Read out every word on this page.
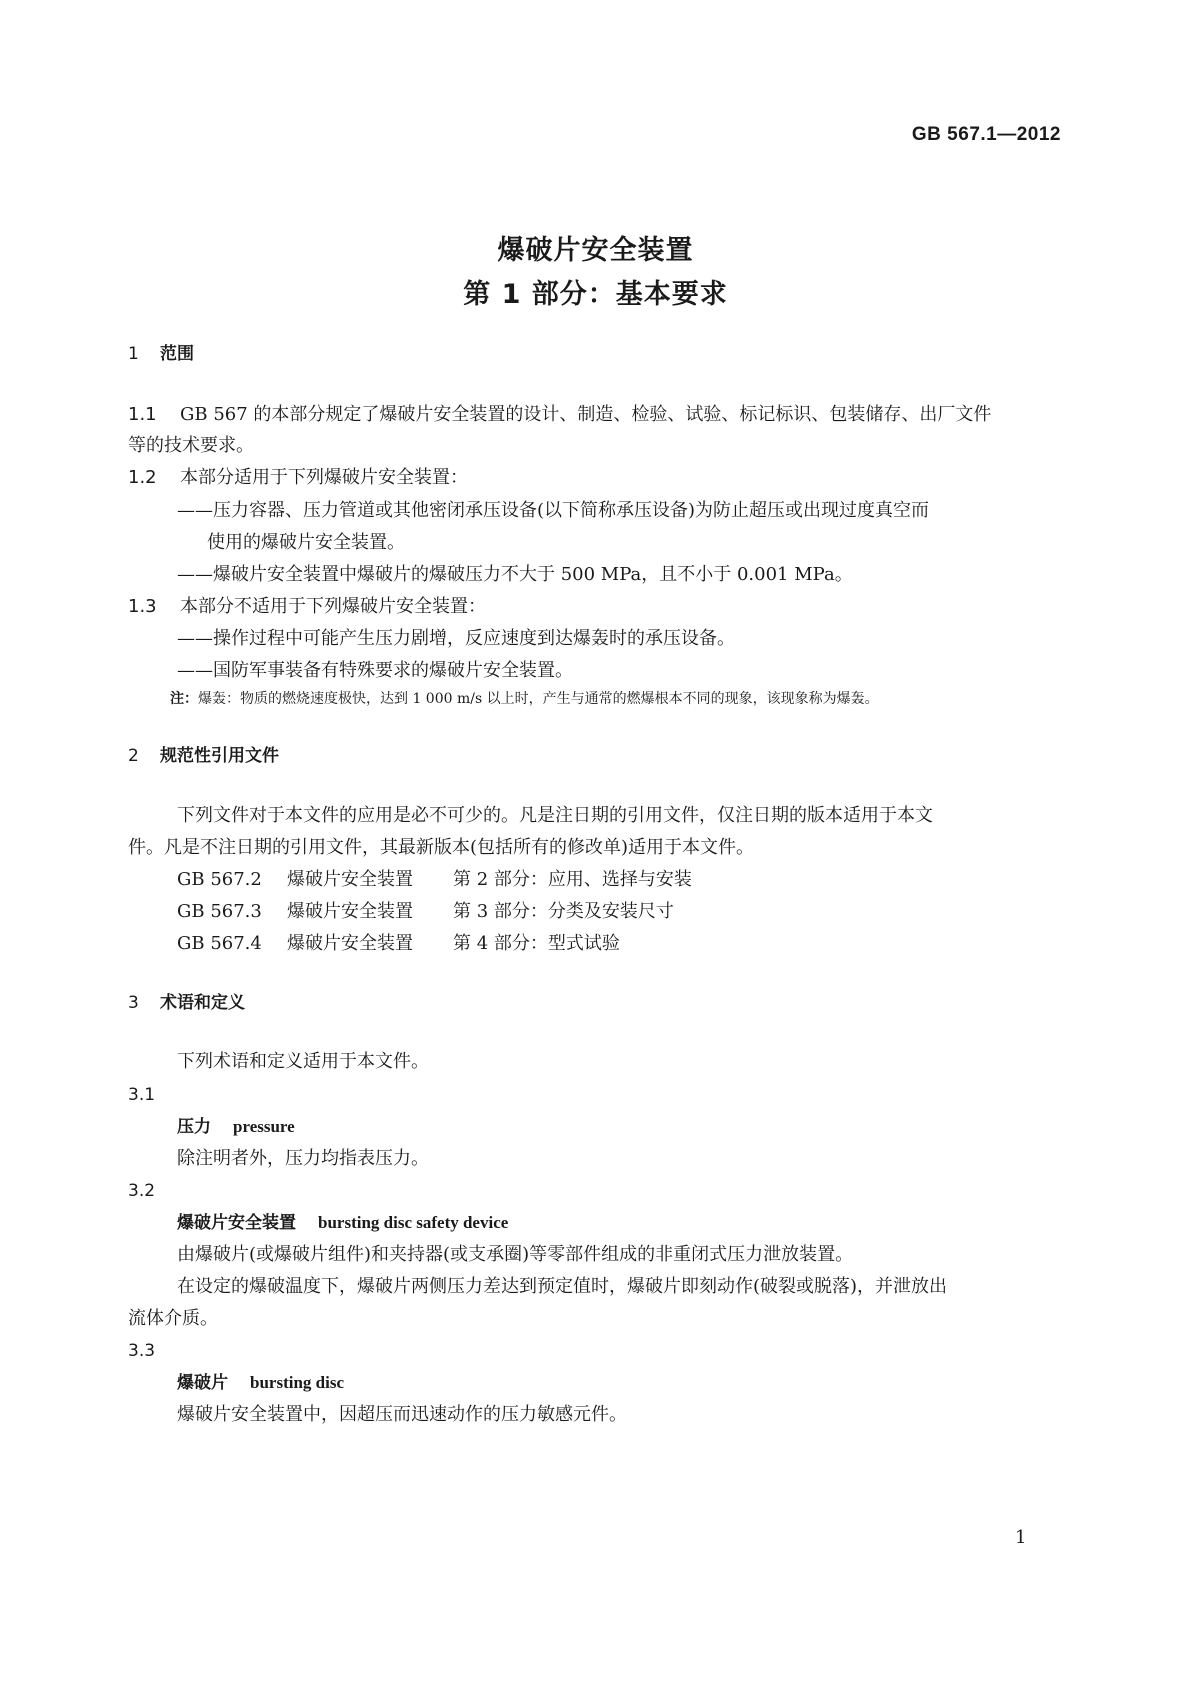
GB 567.1—2012
爆破片安全装置
第 1 部分：基本要求
1 范围
1.1 GB 567 的本部分规定了爆破片安全装置的设计、制造、检验、试验、标记标识、包装储存、出厂文件
等的技术要求。
1.2 本部分适用于下列爆破片安全装置：
——压力容器、压力管道或其他密闭承压设备(以下简称承压设备)为防止超压或出现过度真空而
使用的爆破片安全装置。
——爆破片安全装置中爆破片的爆破压力不大于 500 MPa，且不小于 0.001 MPa。
1.3 本部分不适用于下列爆破片安全装置：
——操作过程中可能产生压力剧增，反应速度到达爆轰时的承压设备。
——国防军事装备有特殊要求的爆破片安全装置。
注：爆轰：物质的燃烧速度极快，达到 1 000 m/s 以上时，产生与通常的燃爆根本不同的现象，该现象称为爆轰。
2 规范性引用文件
下列文件对于本文件的应用是必不可少的。凡是注日期的引用文件，仅注日期的版本适用于本文
件。凡是不注日期的引用文件，其最新版本(包括所有的修改单)适用于本文件。
GB 567.2 爆破片安全装置 第 2 部分：应用、选择与安装
GB 567.3 爆破片安全装置 第 3 部分：分类及安装尺寸
GB 567.4 爆破片安全装置 第 4 部分：型式试验
3 术语和定义
下列术语和定义适用于本文件。
3.1
压力 pressure
除注明者外，压力均指表压力。
3.2
爆破片安全装置 bursting disc safety device
由爆破片(或爆破片组件)和夹持器(或支承圈)等零部件组成的非重闭式压力泄放装置。
在设定的爆破温度下，爆破片两侧压力差达到预定值时，爆破片即刻动作(破裂或脱落)，并泄放出
流体介质。
3.3
爆破片 bursting disc
爆破片安全装置中，因超压而迅速动作的压力敏感元件。
1
